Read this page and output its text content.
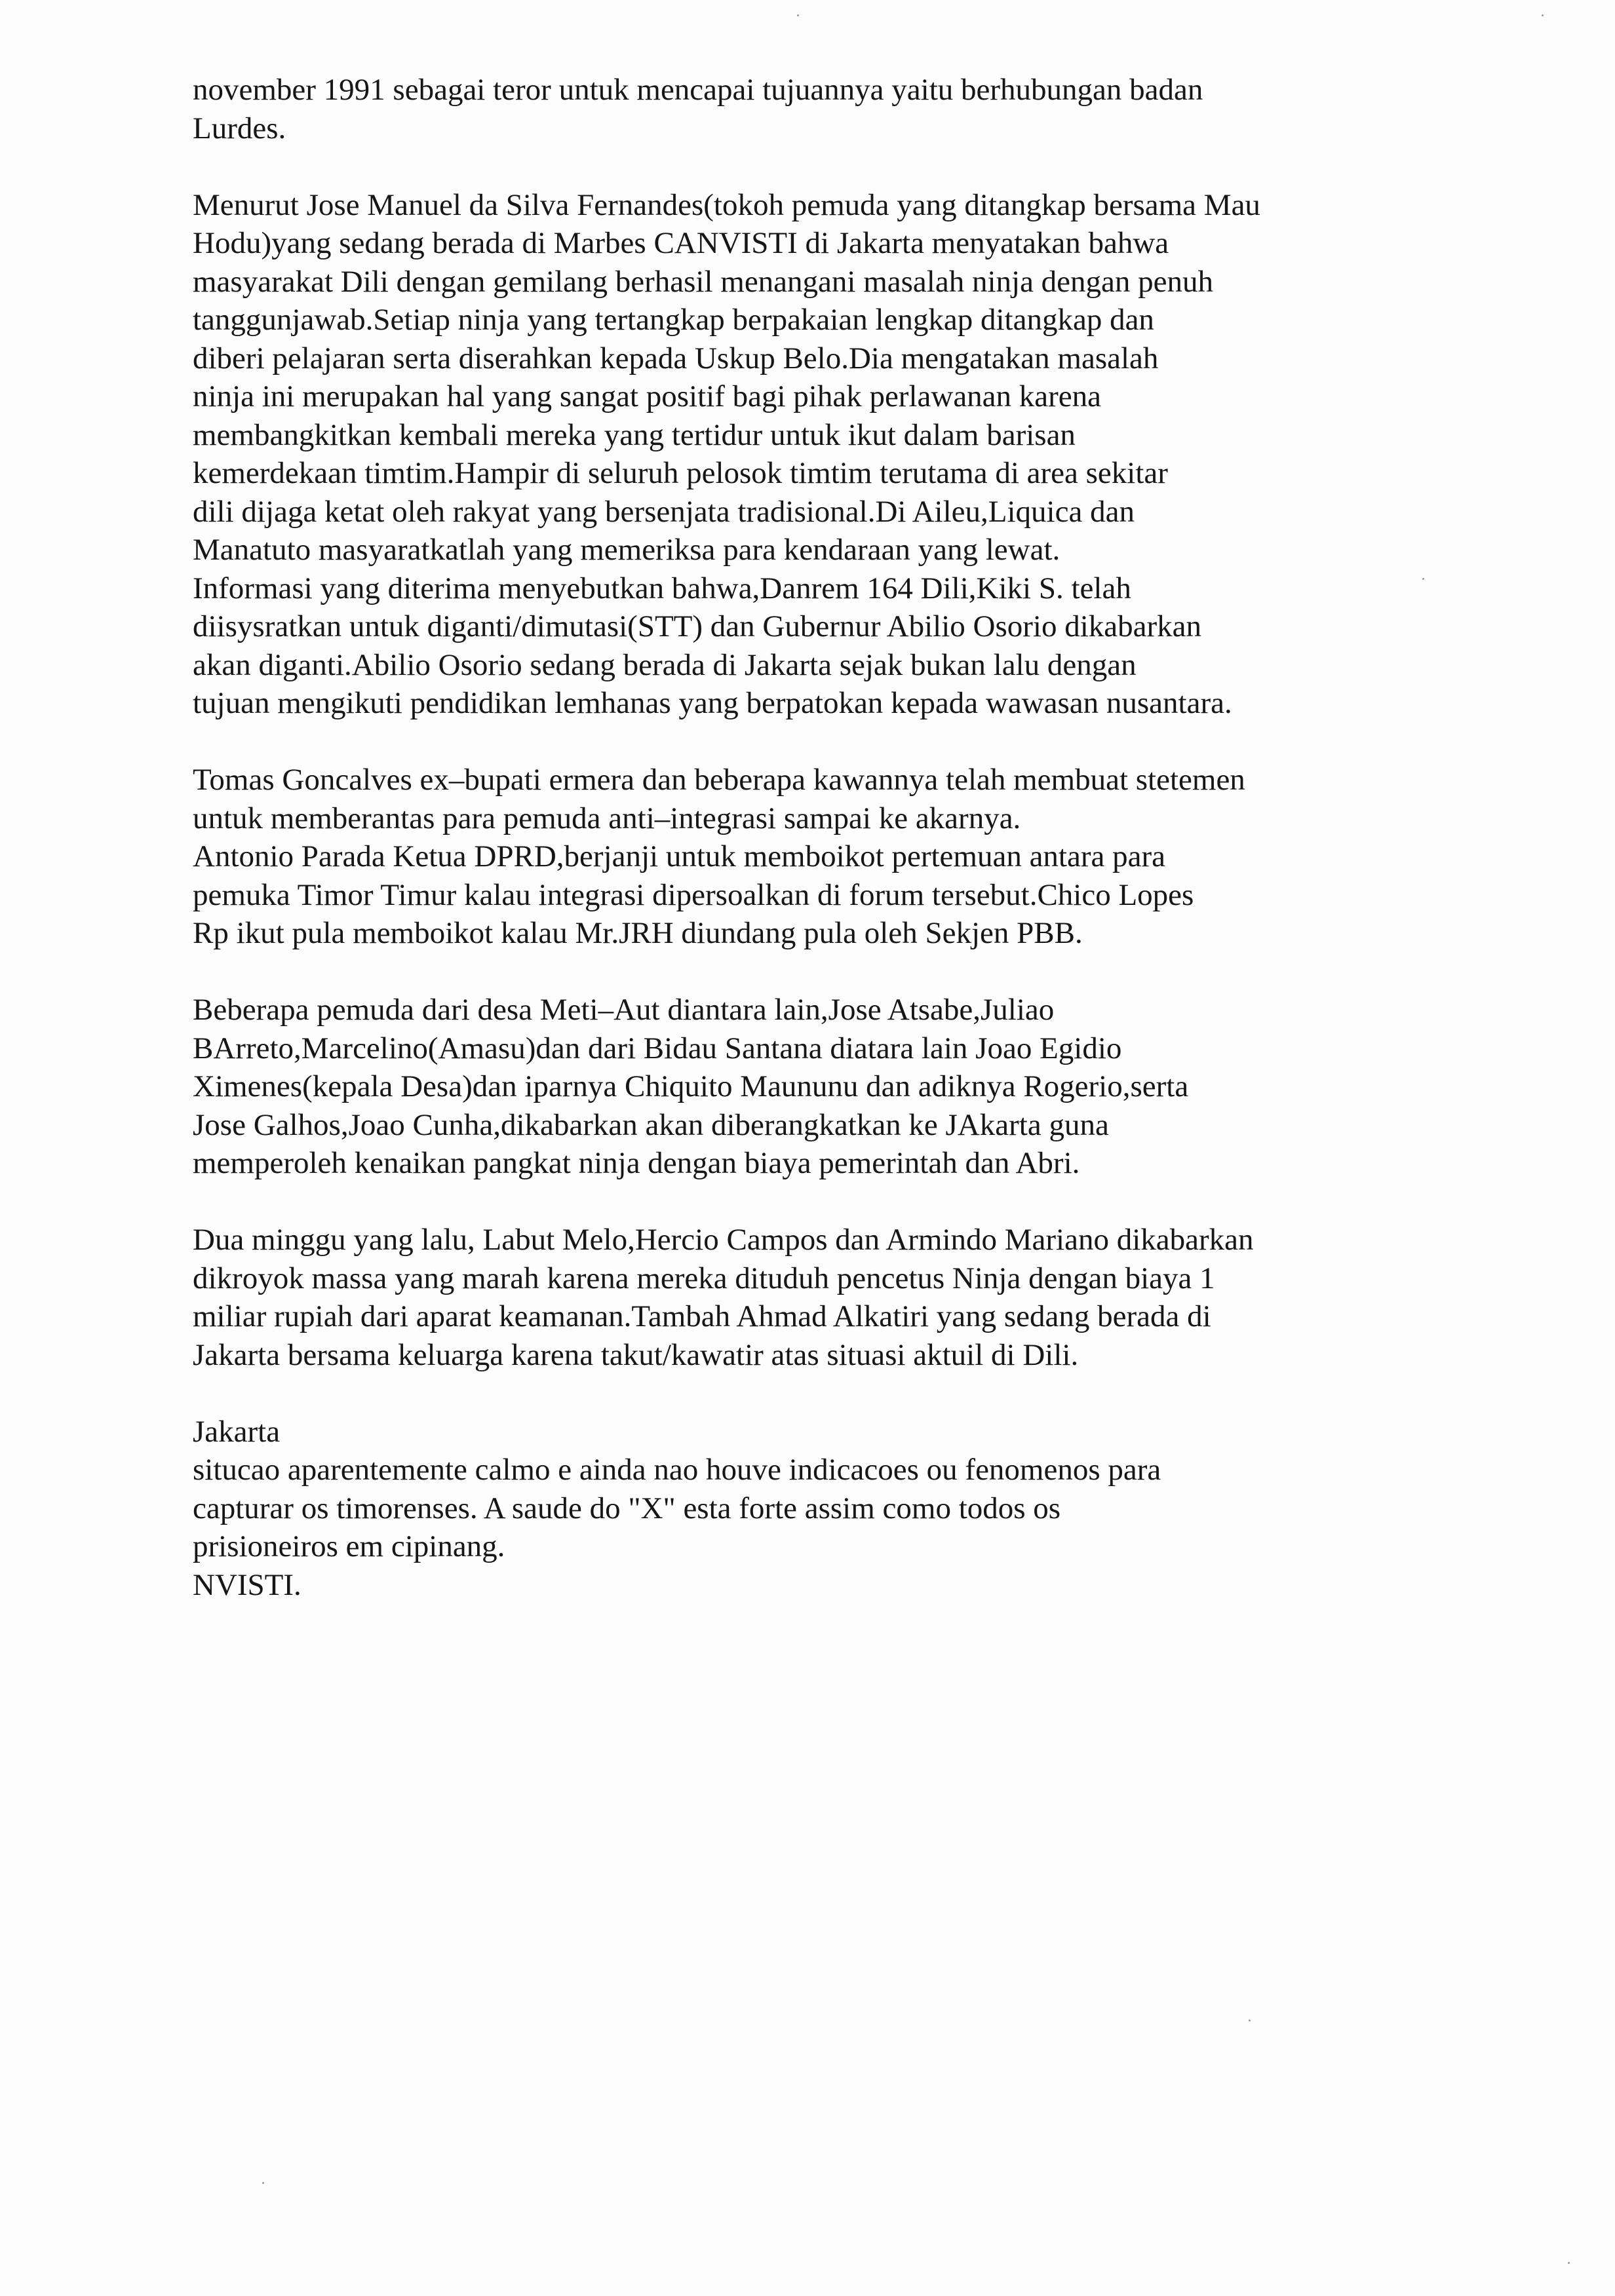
november 1991 sebagai teror untuk mencapai tujuannya yaitu berhubungan badan
Lurdes.

Menurut Jose Manuel da Silva Fernandes(tokoh pemuda yang ditangkap bersama Mau
Hodu)yang sedang berada di Marbes CANVISTI di Jakarta menyatakan bahwa
masyarakat Dili dengan gemilang berhasil menangani masalah ninja dengan penuh
tanggunjawab.Setiap ninja yang tertangkap berpakaian lengkap ditangkap dan
diberi pelajaran serta diserahkan kepada Uskup Belo.Dia mengatakan masalah
ninja ini merupakan hal yang sangat positif bagi pihak perlawanan karena
membangkitkan kembali mereka yang tertidur untuk ikut dalam barisan
kemerdekaan timtim.Hampir di seluruh pelosok timtim terutama di area sekitar
dili dijaga ketat oleh rakyat yang bersenjata tradisional.Di Aileu,Liquica dan
Manatuto masyaratkatlah yang memeriksa para kendaraan yang lewat.
Informasi yang diterima menyebutkan bahwa,Danrem 164 Dili,Kiki S. telah
diisysratkan untuk diganti/dimutasi(STT) dan Gubernur Abilio Osorio dikabarkan
akan diganti.Abilio Osorio sedang berada di Jakarta sejak bukan lalu dengan
tujuan mengikuti pendidikan lemhanas yang berpatokan kepada wawasan nusantara.

Tomas Goncalves ex–bupati ermera dan beberapa kawannya telah membuat stetemen
untuk memberantas para pemuda anti–integrasi sampai ke akarnya.
Antonio Parada Ketua DPRD,berjanji untuk memboikot pertemuan antara para
pemuka Timor Timur kalau integrasi dipersoalkan di forum tersebut.Chico Lopes
Rp ikut pula memboikot kalau Mr.JRH diundang pula oleh Sekjen PBB.

Beberapa pemuda dari desa Meti–Aut diantara lain,Jose Atsabe,Juliao
BArreto,Marcelino(Amasu)dan dari Bidau Santana diatara lain Joao Egidio
Ximenes(kepala Desa)dan iparnya Chiquito Maununu dan adiknya Rogerio,serta
Jose Galhos,Joao Cunha,dikabarkan akan diberangkatkan ke JAkarta guna
memperoleh kenaikan pangkat ninja dengan biaya pemerintah dan Abri.

Dua minggu yang lalu, Labut Melo,Hercio Campos dan Armindo Mariano dikabarkan
dikroyok massa yang marah karena mereka dituduh pencetus Ninja dengan biaya 1
miliar rupiah dari aparat keamanan.Tambah Ahmad Alkatiri yang sedang berada di
Jakarta bersama keluarga karena takut/kawatir atas situasi aktuil di Dili.

Jakarta
situcao aparentemente calmo e ainda nao houve indicacoes ou fenomenos para
capturar os timorenses. A saude do "X" esta forte assim como todos os
prisioneiros em cipinang.
NVISTI.
